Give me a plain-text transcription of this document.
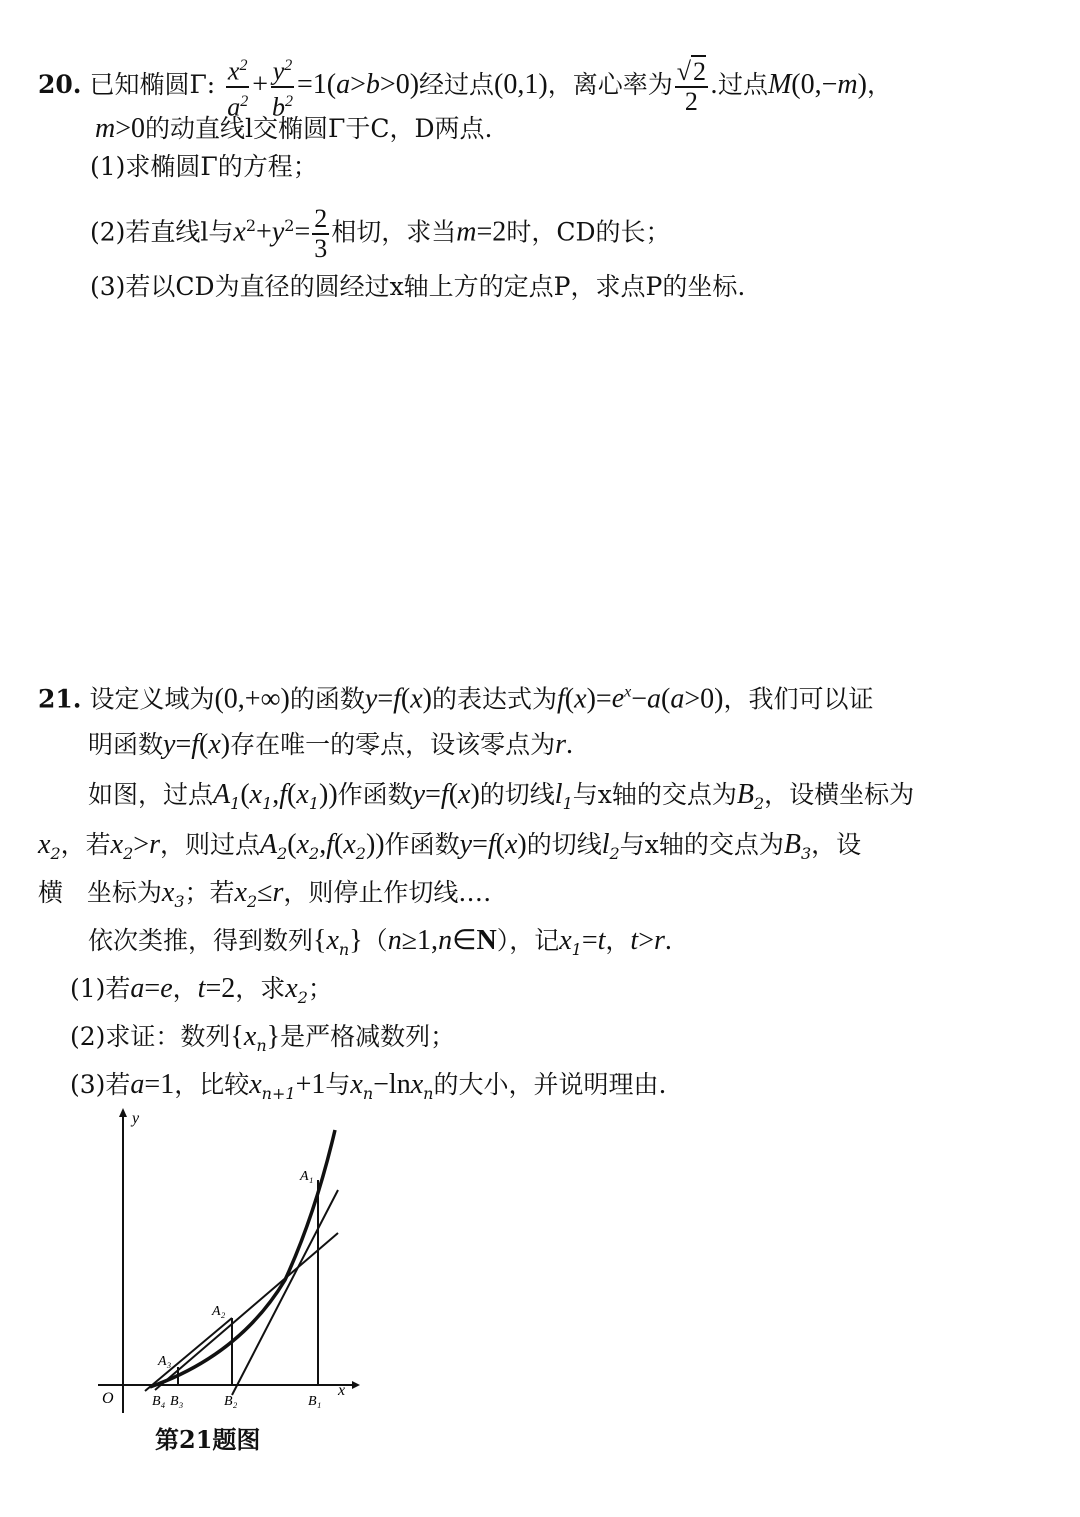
20. 已知椭圆Γ: $\frac{x^2}{a^2} + \frac{y^2}{b^2} =1(a>b>0)$经过点(0,1)，离心率为 $\frac{√2}{2}$ .过点M(0,−m)，
m>0的动直线l交椭圆Γ于C，D两点.
(1)求椭圆Γ的方程；
(2)若直线l与$x^2+y^2= \frac{2}{3}$ 相切，求当m=2时，CD的长；
(3)若以CD为直径的圆经过x轴上方的定点P，求点P的坐标.
21. 设定义域为(0,+∞)的函数y=f(x)的表达式为$f(x)=e^x-a(a>0)$，我们可以证
明函数y=f(x)存在唯一的零点，设该零点为r.
如图，过点$A_1(x_1,f(x_1))$作函数y=f(x)的切线$l_1$与x轴的交点为$B_2$，设横坐标为
$x_2$，若$x_2>r$，则过点$A_2(x_2,f(x_2))$作函数y=f(x)的切线$l_2$与x轴的交点为$B_3$，设
横 坐标为$x_3$；若$x_2\le r$，则停止作切线.…
依次类推，得到数列$\{x_n\}(n\ge 1,n\in N)$，记$x_1=t$，t>r.
(1)若a=e，t=2，求$x_2$；
(2)求证：数列$\{x_n\}$是严格减数列；
(3)若a=1，比较$x_{n+1}+1$与$x_n-\ln x_n$的大小，并说明理由.
y
x
O
A₁
A₂
A₃
B₁
B₂
B₃
B₄
第21题图
